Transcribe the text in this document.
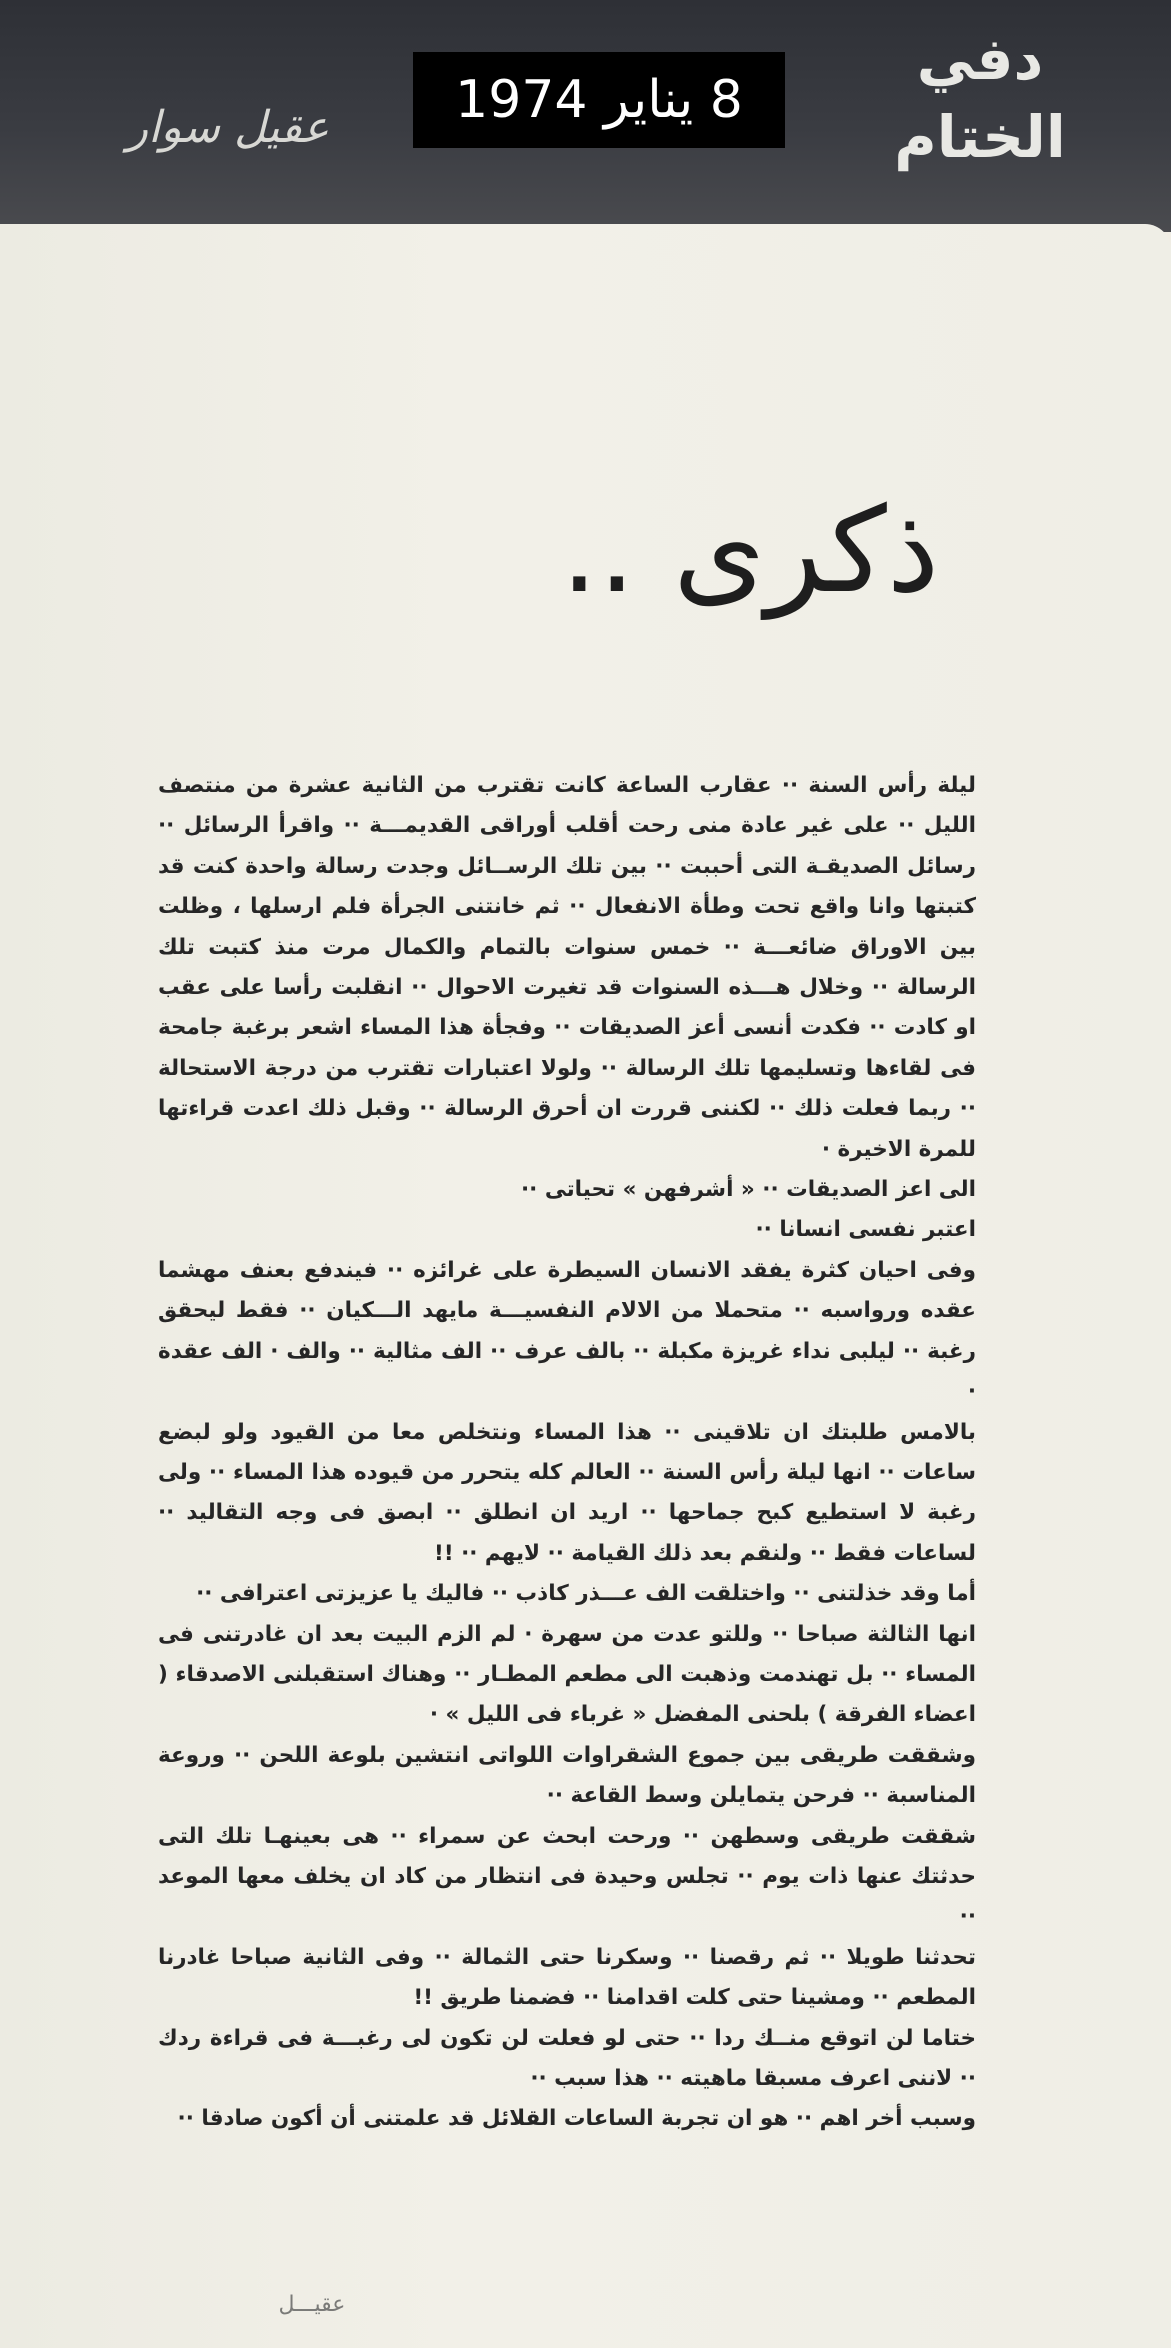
عقيل سوار	8 يناير 1974
دفي الختام
ذكرى ..

ليلة رأس السنة ·· عقارب الساعة كانت تقترب من الثانية عشرة من منتصف الليل ·· على غير عادة منى رحت أقلب أوراقى القديمـــة ·· واقرأ الرسائل ·· رسائل الصديقـة التى أحببت ·· بين تلك الرســائل وجدت رسالة واحدة كنت قد كتبتها وانا واقع تحت وطأة الانفعال ·· ثم خانتنى الجرأة فلم ارسلها ، وظلت بين الاوراق ضائعـــة ·· خمس سنوات بالتمام والكمال مرت منذ كتبت تلك الرسالة ·· وخلال هـــذه السنوات قد تغيرت الاحوال ·· انقلبت رأسا على عقب او كادت ·· فكدت أنسى أعز الصديقات ·· وفجأة هذا المساء اشعر برغبة جامحة فى لقاءها وتسليمها تلك الرسالة ·· ولولا اعتبارات تقترب من درجة الاستحالة ·· ربما فعلت ذلك ·· لكننى قررت ان أحرق الرسالة ·· وقبل ذلك اعدت قراءتها للمرة الاخيرة ·

الى اعز الصديقات ·· « أشرفهن » تحياتى ··

اعتبر نفسى انسانا ··

وفى احيان كثرة يفقد الانسان السيطرة على غرائزه ·· فيندفع بعنف مهشما عقده ورواسبه ·· متحملا من الالام النفسيـــة مايهد الـــكيان ·· فقط ليحقق رغبة ·· ليلبى نداء غريزة مكبلة ·· بالف عرف ·· الف مثالية ·· والف · الف عقدة ·

بالامس طلبتك ان تلاقينى ·· هذا المساء ونتخلص معا من القيود ولو لبضع ساعات ·· انها ليلة رأس السنة ·· العالم كله يتحرر من قيوده هذا المساء ·· ولى رغبة لا استطيع كبح جماحها ·· اريد ان انطلق ·· ابصق فى وجه التقاليد ·· لساعات فقط ·· ولنقم بعد ذلك القيامة ·· لايهم ·· !!

أما وقد خذلتنى ·· واختلقت الف عـــذر كاذب ·· فاليك يا عزيزتى اعترافى ··

انها الثالثة صباحا ·· وللتو عدت من سهرة · لم الزم البيت بعد ان غادرتنى فى المساء ·· بل تهندمت وذهبت الى مطعم المطـار ·· وهناك استقبلنى الاصدقاء ( اعضاء الفرقة ) بلحنى المفضل « غرباء فى الليل » ·

وشققت طريقى بين جموع الشقراوات اللواتى انتشين بلوعة اللحن ·· وروعة المناسبة ·· فرحن يتمايلن وسط القاعة ··

شققت طريقى وسطهن ·· ورحت ابحث عن سمراء ·· هى بعينهـا تلك التى حدثتك عنها ذات يوم ·· تجلس وحيدة فى انتظار من كاد ان يخلف معها الموعد ··

تحدثنا طويلا ·· ثم رقصنا ·· وسكرنا حتى الثمالة ·· وفى الثانية صباحا غادرنا المطعم ·· ومشينا حتى كلت اقدامنا ·· فضمنا طريق !!

ختاما لن اتوقع منــك ردا ·· حتى لو فعلت لن تكون لى رغبـــة فى قراءة ردك ·· لاننى اعرف مسبقا ماهيته ·· هذا سبب ··

وسبب أخر اهم ·· هو ان تجربة الساعات القلائل قد علمتنى أن أكون صادقا ··

عقيـــل
